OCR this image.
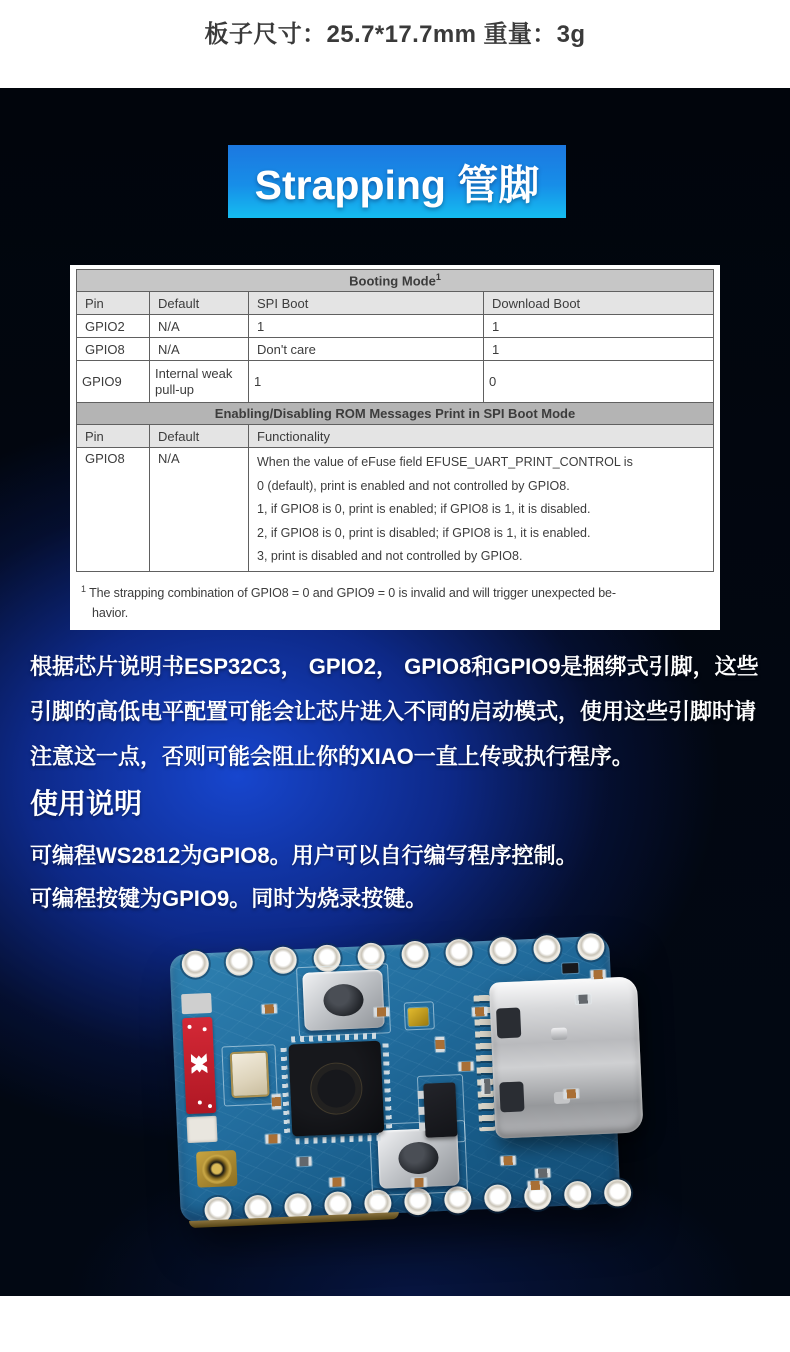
板子尺寸：25.7*17.7mm 重量：3g
Strapping 管脚
Booting Mode$^1$
Pin	Default	SPI Boot	Download Boot
GPIO2	N/A	1	1
GPIO8	N/A	Don't care	1
GPIO9	Internal weak pull-up	1	0
Enabling/Disabling ROM Messages Print in SPI Boot Mode			
Pin	Default	Functionality	
GPIO8	N/A	When the value of eFuse field EFUSE_UART_PRINT_CONTROL is
0 (default), print is enabled and not controlled by GPIO8.
1, if GPIO8 is 0, print is enabled; if GPIO8 is 1, it is disabled.
2, if GPIO8 is 0, print is disabled; if GPIO8 is 1, it is enabled.
3, print is disabled and not controlled by GPIO8.	
$^1$ The strapping combination of GPIO8 = 0 and GPIO9 = 0 is invalid and will trigger unexpected be-
havior.
根据芯片说明书ESP32C3， GPIO2， GPIO8和GPIO9是捆绑式引脚，这些引脚的高低电平配置可能会让芯片进入不同的启动模式，使用这些引脚时请注意这一点，否则可能会阻止你的XIAO一直上传或执行程序。
使用说明
可编程WS2812为GPIO8。用户可以自行编写程序控制。
可编程按键为GPIO9。同时为烧录按键。
